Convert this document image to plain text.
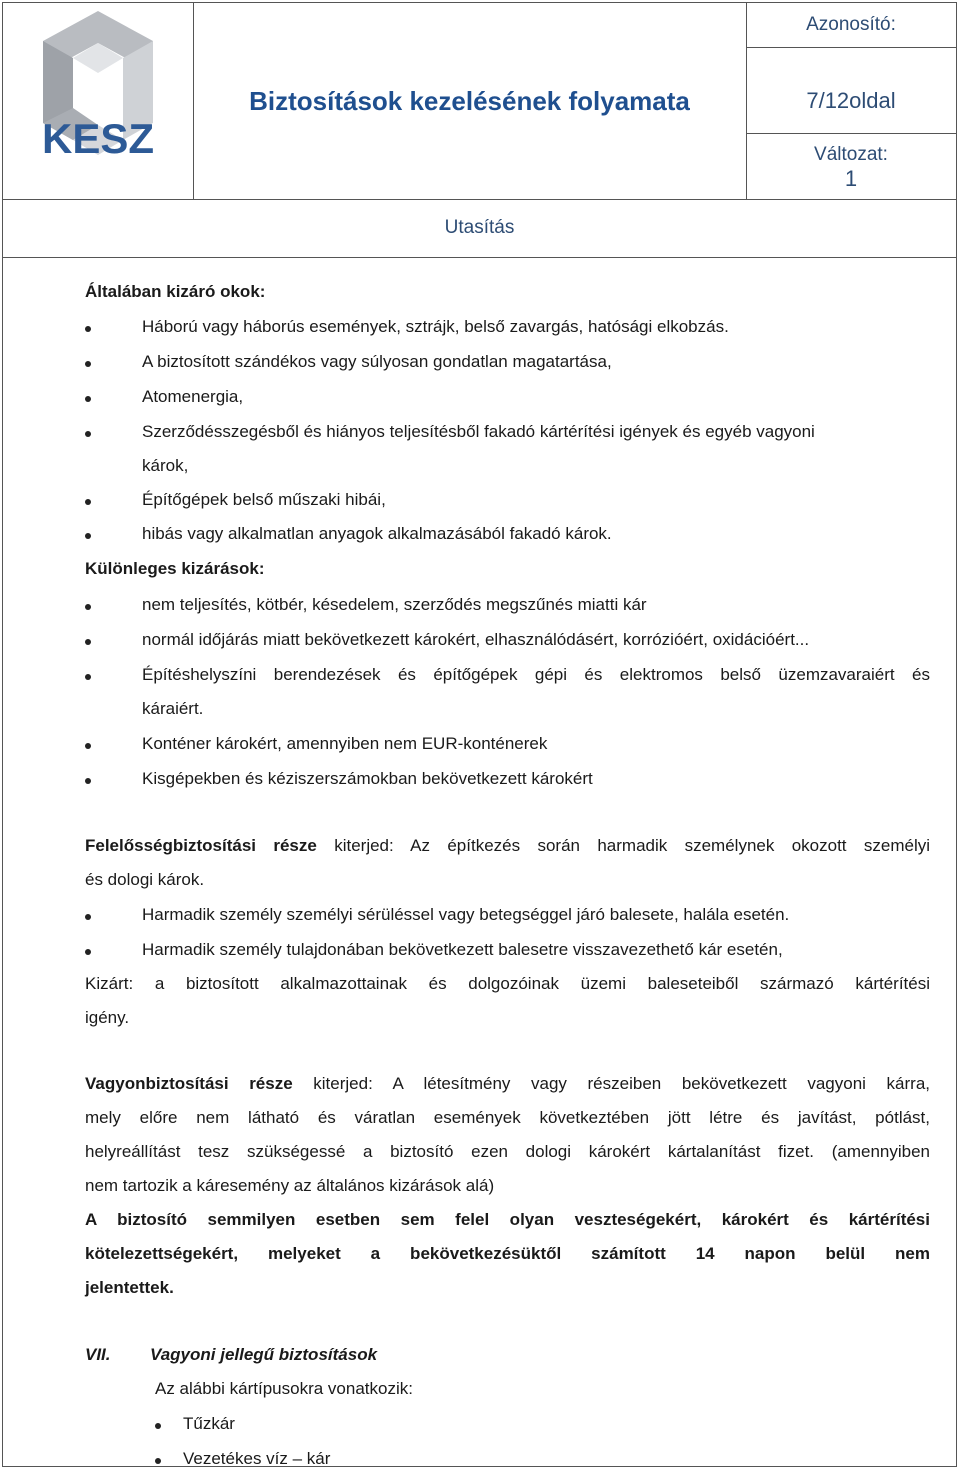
KESZ
Biztosítások kezelésének folyamata
Azonosító:
7/12oldal
Változat:
1
Utasítás
Általában kizáró okok:
Háború vagy háborús események, sztrájk, belső zavargás, hatósági elkobzás.
A biztosított szándékos vagy súlyosan gondatlan magatartása,
Atomenergia,
Szerződésszegésből és hiányos teljesítésből fakadó kártérítési igények és egyéb vagyoni
károk,
Építőgépek belső műszaki hibái,
hibás vagy alkalmatlan anyagok alkalmazásából fakadó károk.
Különleges kizárások:
nem teljesítés, kötbér, késedelem, szerződés megszűnés miatti kár
normál időjárás miatt bekövetkezett károkért, elhasználódásért, korrózióért, oxidációért...
Építéshelyszíni berendezések és építőgépek gépi és elektromos belső üzemzavaraiért és
káraiért.
Konténer károkért, amennyiben nem EUR-konténerek
Kisgépekben és kéziszerszámokban bekövetkezett károkért
Felelősségbiztosítási része kiterjed: Az építkezés során harmadik személynek okozott személyi
és dologi károk.
Harmadik személy személyi sérüléssel vagy betegséggel járó balesete, halála esetén.
Harmadik személy tulajdonában bekövetkezett balesetre visszavezethető kár esetén,
Kizárt: a biztosított alkalmazottainak és dolgozóinak üzemi baleseteiből származó kártérítési
igény.
Vagyonbiztosítási része kiterjed: A létesítmény vagy részeiben bekövetkezett vagyoni kárra,
mely előre nem látható és váratlan események következtében jött létre és javítást, pótlást,
helyreállítást tesz szükségessé a biztosító ezen dologi károkért kártalanítást fizet. (amennyiben
nem tartozik a káresemény az általános kizárások alá)
A biztosító semmilyen esetben sem felel olyan veszteségekért, károkért és kártérítési
kötelezettségekért, melyeket a bekövetkezésüktől számított 14 napon belül nem
jelentettek.
VII.	Vagyoni jellegű biztosítások
Az alábbi kártípusokra vonatkozik:
Tűzkár
Vezetékes víz – kár
